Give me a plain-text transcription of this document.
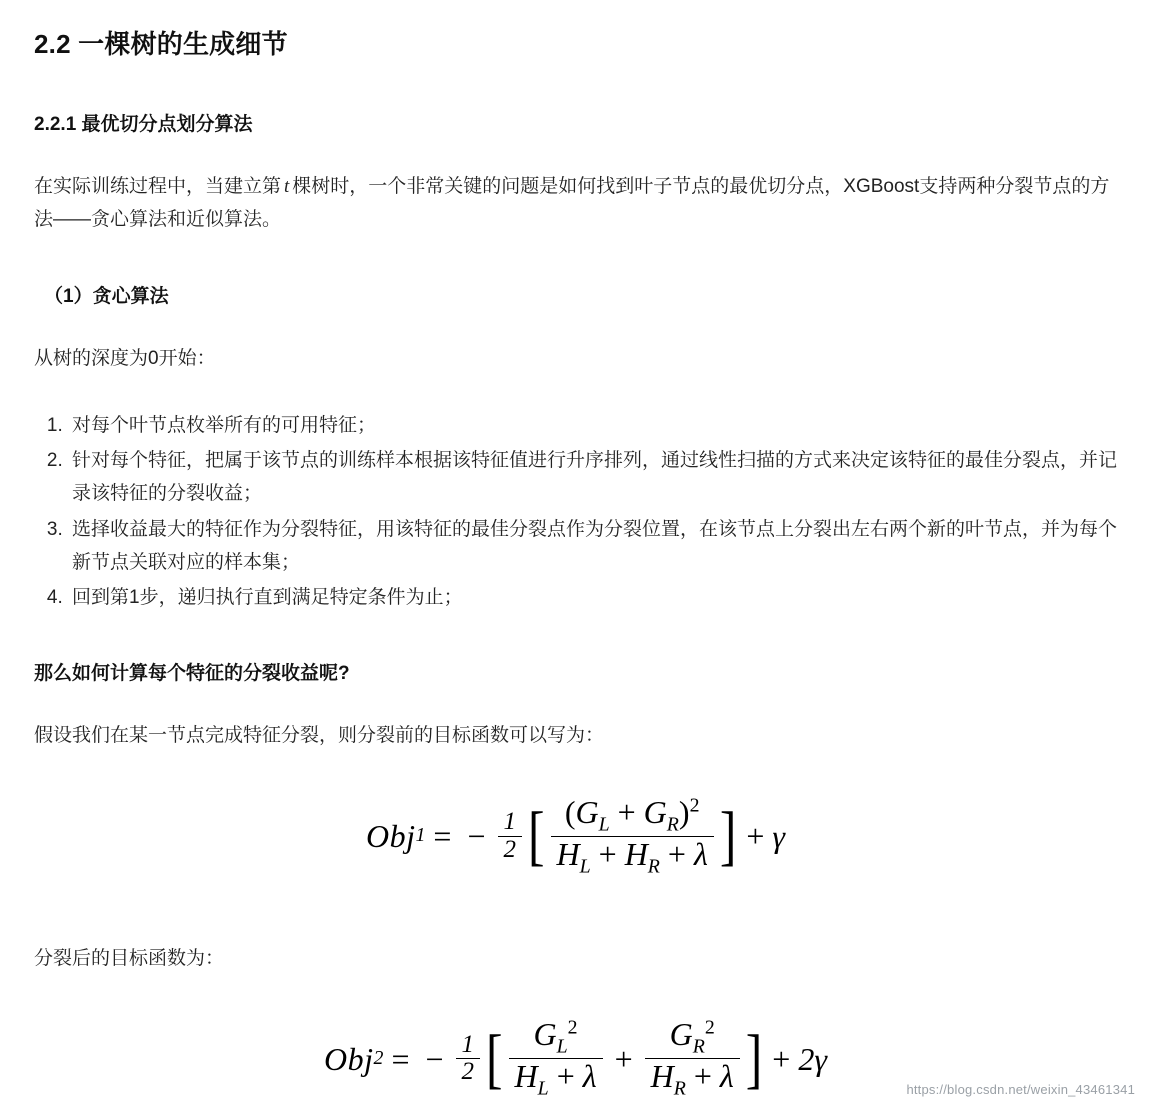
2.2 一棵树的生成细节
2.2.1 最优切分点划分算法

在实际训练过程中，当建立第 t 棵树时，一个非常关键的问题是如何找到叶子节点的最优切分点，XGBoost支持两种分裂节点的方法——贪心算法和近似算法。

（1）贪心算法

从树的深度为0开始：

1. 对每个叶节点枚举所有的可用特征；
2. 针对每个特征，把属于该节点的训练样本根据该特征值进行升序排列，通过线性扫描的方式来决定该特征的最佳分裂点，并记录该特征的分裂收益；
3. 选择收益最大的特征作为分裂特征，用该特征的最佳分裂点作为分裂位置，在该节点上分裂出左右两个新的叶节点，并为每个新节点关联对应的样本集；
4. 回到第1步，递归执行直到满足特定条件为止；
那么如何计算每个特征的分裂收益呢?

假设我们在某一节点完成特征分裂，则分裂前的目标函数可以写为：

Obj 1 = − $\frac{1}{2}$ [ $\frac{(G_L + G_R)^2}{H_L + H_R + \lambda}$ ] + γ

分裂后的目标函数为：

Obj 2 = − $\frac{1}{2}$ [ $\frac{G_L^2}{H_L + \lambda} + \frac{G_R^2}{H_R + \lambda}$ ] + 2 γ
https://blog.csdn.net/weixin_43461341
